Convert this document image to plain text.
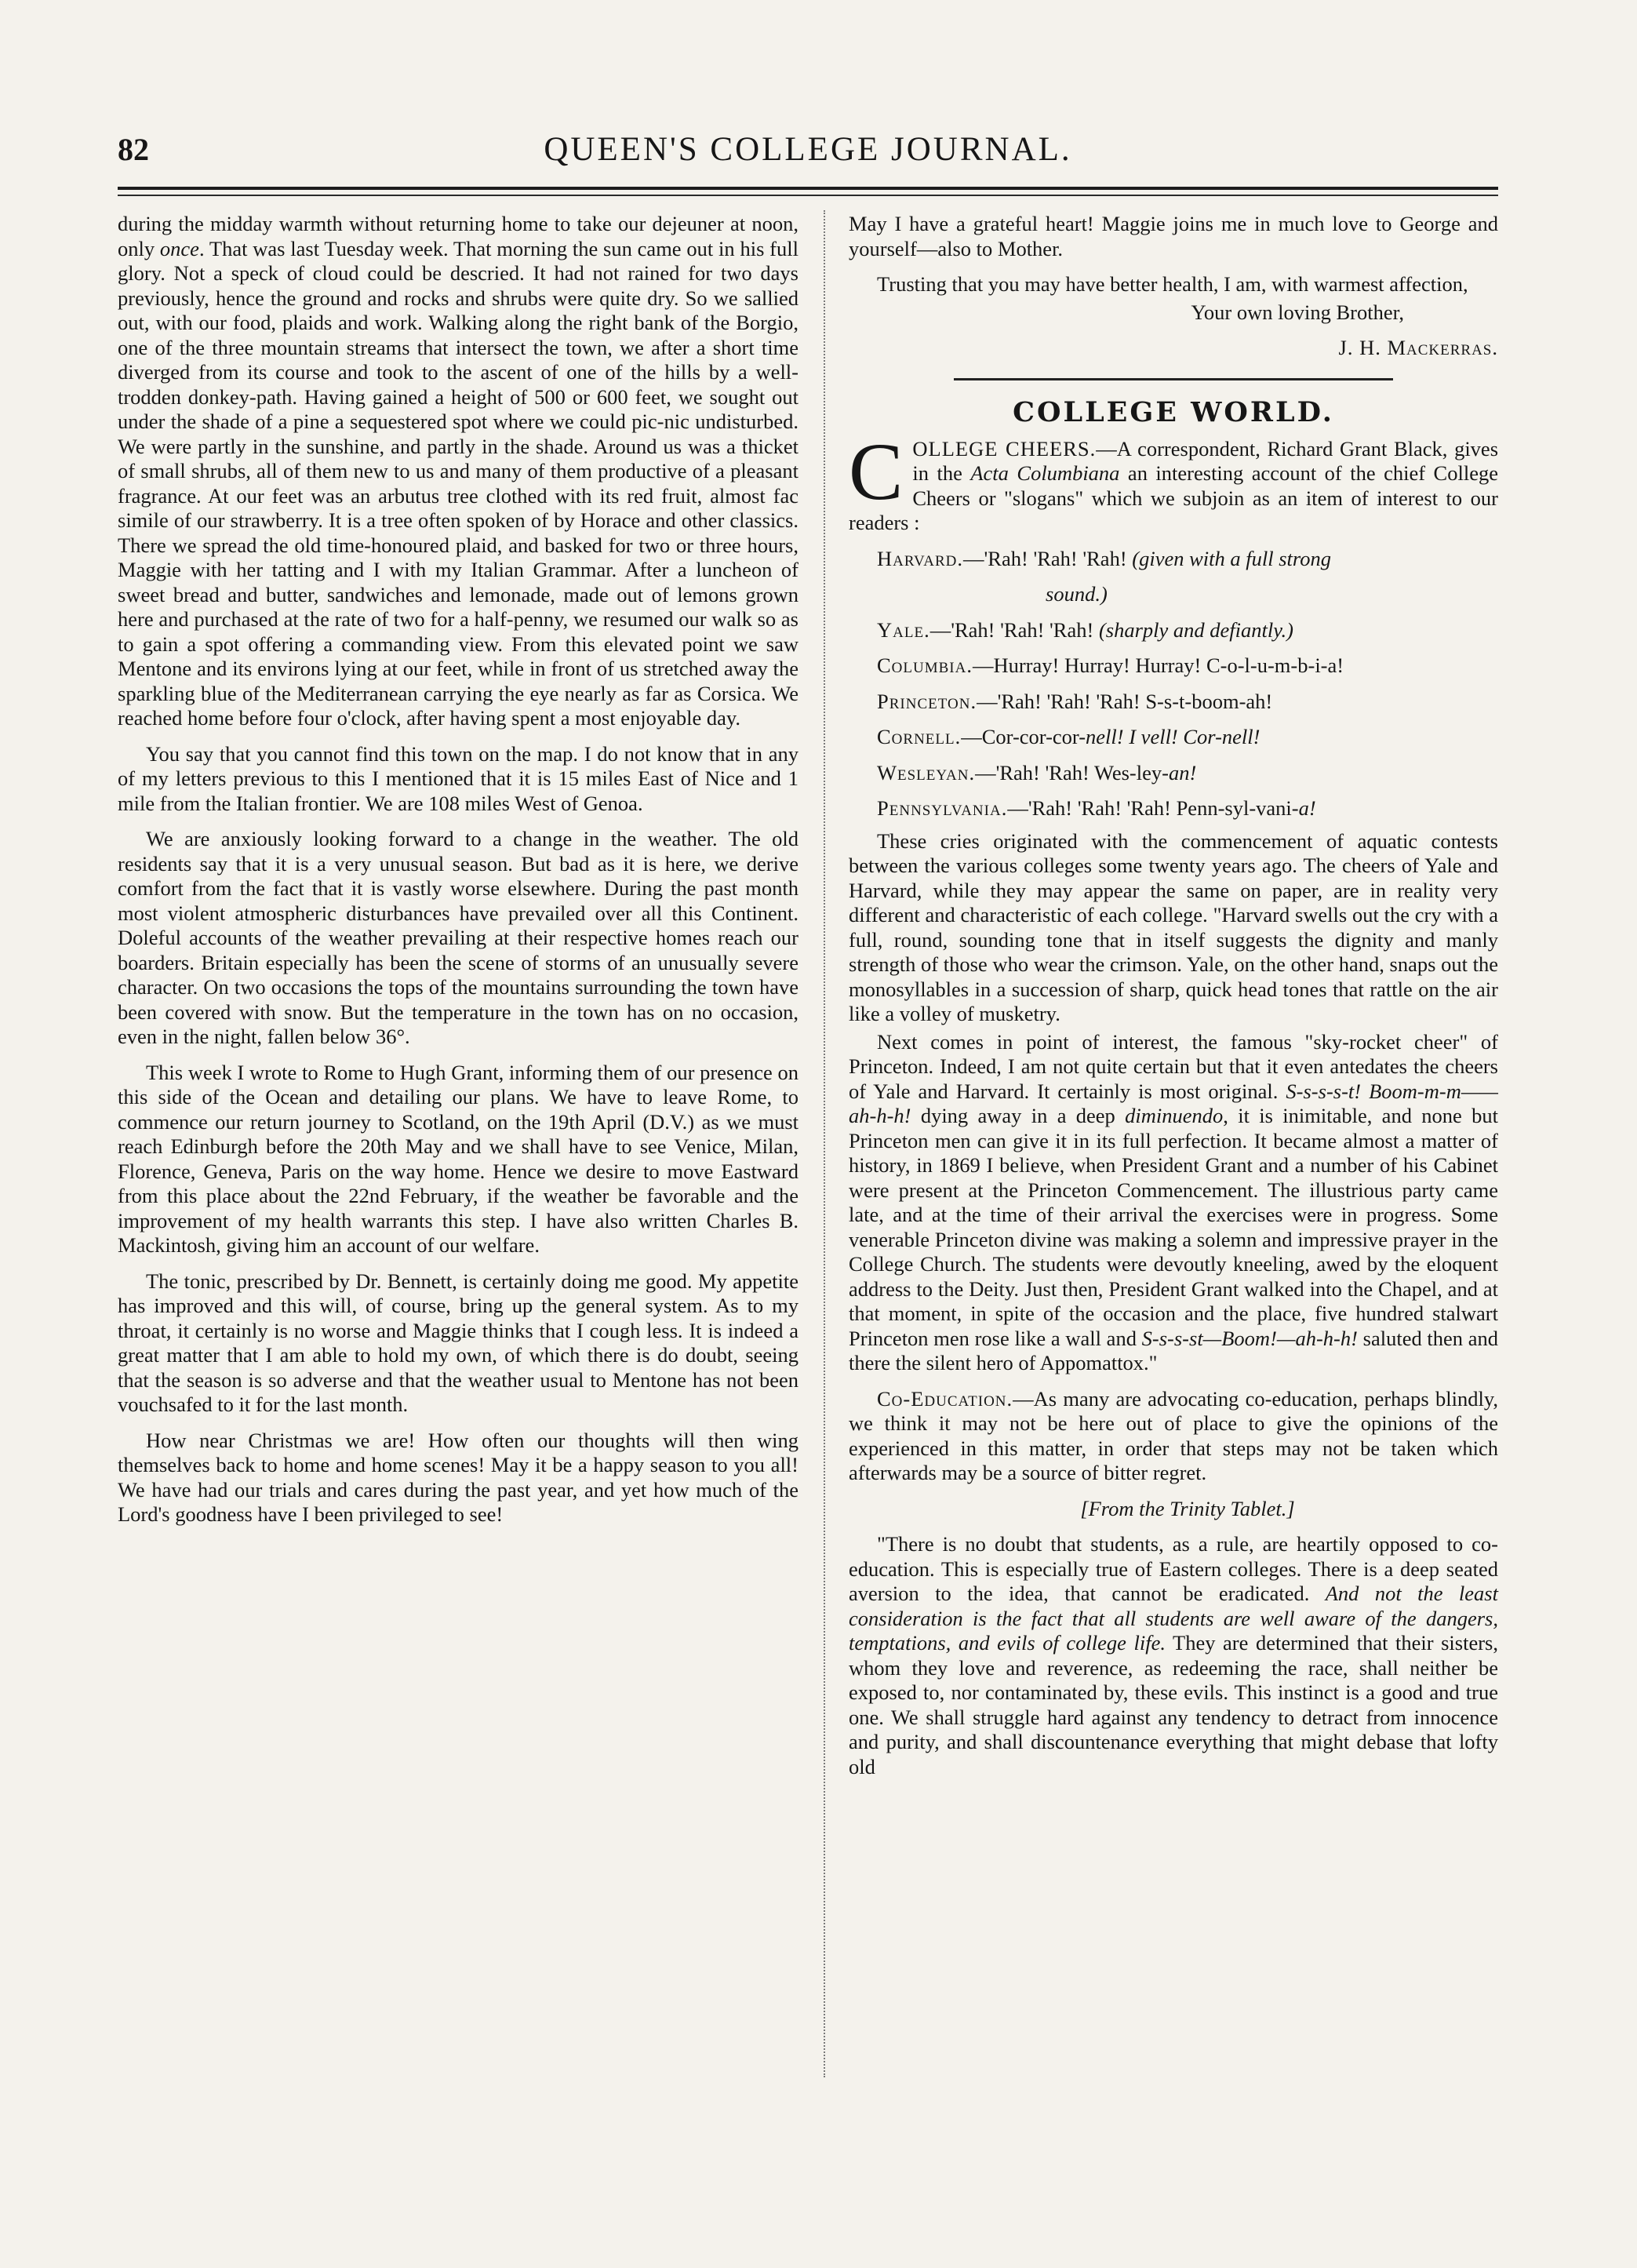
QUEEN'S COLLEGE JOURNAL.
82

during the midday warmth without returning home to take our dejeuner at noon, only once. That was last Tuesday week. That morning the sun came out in his full glory. Not a speck of cloud could be descried. It had not rained for two days previously, hence the ground and rocks and shrubs were quite dry. So we sallied out, with our food, plaids and work. Walking along the right bank of the Borgio, one of the three mountain streams that intersect the town, we after a short time diverged from its course and took to the ascent of one of the hills by a well-trodden donkey-path. Having gained a height of 500 or 600 feet, we sought out under the shade of a pine a sequestered spot where we could pic-nic undisturbed. We were partly in the sunshine, and partly in the shade. Around us was a thicket of small shrubs, all of them new to us and many of them productive of a pleasant fragrance. At our feet was an arbutus tree clothed with its red fruit, almost fac simile of our strawberry. It is a tree often spoken of by Horace and other classics. There we spread the old time-honoured plaid, and basked for two or three hours, Maggie with her tatting and I with my Italian Grammar. After a luncheon of sweet bread and butter, sandwiches and lemonade, made out of lemons grown here and purchased at the rate of two for a half-penny, we resumed our walk so as to gain a spot offering a commanding view. From this elevated point we saw Mentone and its environs lying at our feet, while in front of us stretched away the sparkling blue of the Mediterranean carrying the eye nearly as far as Corsica. We reached home before four o'clock, after having spent a most enjoyable day.

You say that you cannot find this town on the map. I do not know that in any of my letters previous to this I mentioned that it is 15 miles East of Nice and 1 mile from the Italian frontier. We are 108 miles West of Genoa.

We are anxiously looking forward to a change in the weather. The old residents say that it is a very unusual season. But bad as it is here, we derive comfort from the fact that it is vastly worse elsewhere. During the past month most violent atmospheric disturbances have prevailed over all this Continent. Doleful accounts of the weather prevailing at their respective homes reach our boarders. Britain especially has been the scene of storms of an unusually severe character. On two occasions the tops of the mountains surrounding the town have been covered with snow. But the temperature in the town has on no occasion, even in the night, fallen below 36°.

This week I wrote to Rome to Hugh Grant, informing them of our presence on this side of the Ocean and detailing our plans. We have to leave Rome, to commence our return journey to Scotland, on the 19th April (D.V.) as we must reach Edinburgh before the 20th May and we shall have to see Venice, Milan, Florence, Geneva, Paris on the way home. Hence we desire to move Eastward from this place about the 22nd February, if the weather be favorable and the improvement of my health warrants this step. I have also written Charles B. Mackintosh, giving him an account of our welfare.

The tonic, prescribed by Dr. Bennett, is certainly doing me good. My appetite has improved and this will, of course, bring up the general system. As to my throat, it certainly is no worse and Maggie thinks that I cough less. It is indeed a great matter that I am able to hold my own, of which there is do doubt, seeing that the season is so adverse and that the weather usual to Mentone has not been vouchsafed to it for the last month.

How near Christmas we are! How often our thoughts will then wing themselves back to home and home scenes! May it be a happy season to you all! We have had our trials and cares during the past year, and yet how much of the Lord's goodness have I been privileged to see!

May I have a grateful heart! Maggie joins me in much love to George and yourself—also to Mother.

Trusting that you may have better health, I am, with warmest affection,

Your own loving Brother,

J. H. Mackerras.

COLLEGE WORLD.

COLLEGE CHEERS.—A correspondent, Richard Grant Black, gives in the Acta Columbiana an interesting account of the chief College Cheers or "slogans" which we subjoin as an item of interest to our readers :

Harvard.—'Rah! 'Rah! 'Rah! (given with a full strong

sound.)

Yale.—'Rah! 'Rah! 'Rah! (sharply and defiantly.)

Columbia.—Hurray! Hurray! Hurray! C-o-l-u-m-b-i-a!

Princeton.—'Rah! 'Rah! 'Rah! S-s-t-boom-ah!

Cornell.—Cor-cor-cor-nell! I vell! Cor-nell!

Wesleyan.—'Rah! 'Rah! Wes-ley-an!

Pennsylvania.—'Rah! 'Rah! 'Rah! Penn-syl-vani-a!

These cries originated with the commencement of aquatic contests between the various colleges some twenty years ago. The cheers of Yale and Harvard, while they may appear the same on paper, are in reality very different and characteristic of each college. "Harvard swells out the cry with a full, round, sounding tone that in itself suggests the dignity and manly strength of those who wear the crimson. Yale, on the other hand, snaps out the monosyllables in a succession of sharp, quick head tones that rattle on the air like a volley of musketry.

Next comes in point of interest, the famous "sky-rocket cheer" of Princeton. Indeed, I am not quite certain but that it even antedates the cheers of Yale and Harvard. It certainly is most original. S-s-s-s-t! Boom-m-m——ah-h-h! dying away in a deep diminuendo, it is inimitable, and none but Princeton men can give it in its full perfection. It became almost a matter of history, in 1869 I believe, when President Grant and a number of his Cabinet were present at the Princeton Commencement. The illustrious party came late, and at the time of their arrival the exercises were in progress. Some venerable Princeton divine was making a solemn and impressive prayer in the College Church. The students were devoutly kneeling, awed by the eloquent address to the Deity. Just then, President Grant walked into the Chapel, and at that moment, in spite of the occasion and the place, five hundred stalwart Princeton men rose like a wall and S-s-s-st—Boom!—ah-h-h! saluted then and there the silent hero of Appomattox."

Co-Education.—As many are advocating co-education, perhaps blindly, we think it may not be here out of place to give the opinions of the experienced in this matter, in order that steps may not be taken which afterwards may be a source of bitter regret.

[From the Trinity Tablet.]

"There is no doubt that students, as a rule, are heartily opposed to co-education. This is especially true of Eastern colleges. There is a deep seated aversion to the idea, that cannot be eradicated. And not the least consideration is the fact that all students are well aware of the dangers, temptations, and evils of college life. They are determined that their sisters, whom they love and reverence, as redeeming the race, shall neither be exposed to, nor contaminated by, these evils. This instinct is a good and true one. We shall struggle hard against any tendency to detract from innocence and purity, and shall discountenance everything that might debase that lofty old
